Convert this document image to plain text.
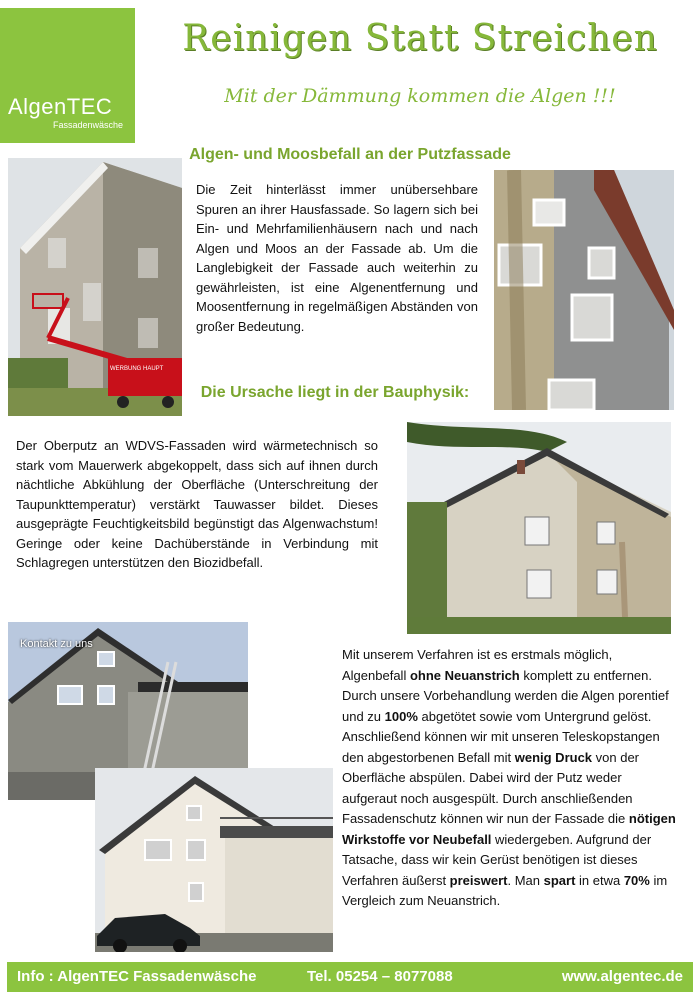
AlgenTEC
Fassadenwäsche
Reinigen Statt Streichen
Mit der Dämmung kommen die Algen !!!
Algen- und Moosbefall an der Putzfassade
WERBUNG HAUPT
Die Zeit hinterlässt immer unübersehbare Spuren an ihrer Hausfassade. So lagern sich bei Ein- und Mehrfamilienhäusern nach und nach Algen und Moos an der Fassade ab. Um die Langlebigkeit der Fassade auch weiterhin zu gewährleisten, ist eine Algenentfernung und Moosentfernung in regelmäßigen Abständen von großer Bedeutung.
Die Ursache liegt in der Bauphysik:
Der Oberputz an WDVS-Fassaden wird wärmetechnisch so stark vom Mauerwerk abgekoppelt, dass sich auf ihnen durch nächtliche Abkühlung der Oberfläche (Unterschreitung der Taupunkttemperatur) verstärkt Tauwasser bildet. Dieses ausgeprägte Feuchtigkeitsbild begünstigt das Algenwachstum! Geringe oder keine Dachüberstände in Verbindung mit Schlagregen unterstützen den Biozidbefall.
Kontakt zu uns
Mit unserem Verfahren ist es erstmals möglich, Algenbefall ohne Neuanstrich komplett zu entfernen. Durch unsere Vorbehandlung werden die Algen porentief und zu 100% abgetötet sowie vom Untergrund gelöst. Anschließend können wir mit unseren Teleskopstangen den abgestorbenen Befall mit wenig Druck von der Oberfläche abspülen. Dabei wird der Putz weder aufgeraut noch ausgespült. Durch anschließenden Fassadenschutz können wir nun der Fassade die nötigen Wirkstoffe vor Neubefall wiedergeben. Aufgrund der Tatsache, dass wir kein Gerüst benötigen ist dieses Verfahren äußerst preiswert. Man spart in etwa 70% im Vergleich zum Neuanstrich.
Info : AlgenTEC Fassadenwäsche	Tel. 05254 – 8077088	www.algentec.de
